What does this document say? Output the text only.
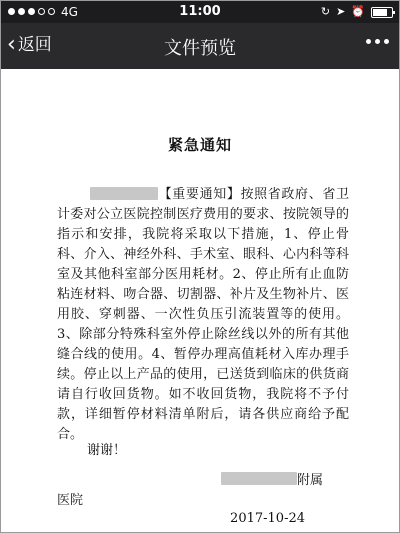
4G	11:00	↻ ➤ ⏰
‹ 返回	文件预览
紧急通知
【重要通知】按照省政府、省卫计委对公立医院控制医疗费用的要求、按院领导的指示和安排，我院将采取以下措施，1、停止骨科、介入、神经外科、手术室、眼科、心内科等科室及其他科室部分医用耗材。2、停止所有止血防粘连材料、吻合器、切割器、补片及生物补片、医用胶、穿刺器、一次性负压引流装置等的使用。3、除部分特殊科室外停止除丝线以外的所有其他缝合线的使用。4、暂停办理高值耗材入库办理手续。停止以上产品的使用，已送货到临床的供货商请自行收回货物。如不收回货物，我院将不予付款，详细暂停材料清单附后，请各供应商给予配合。
谢谢！
附属
医院
2017-10-24
